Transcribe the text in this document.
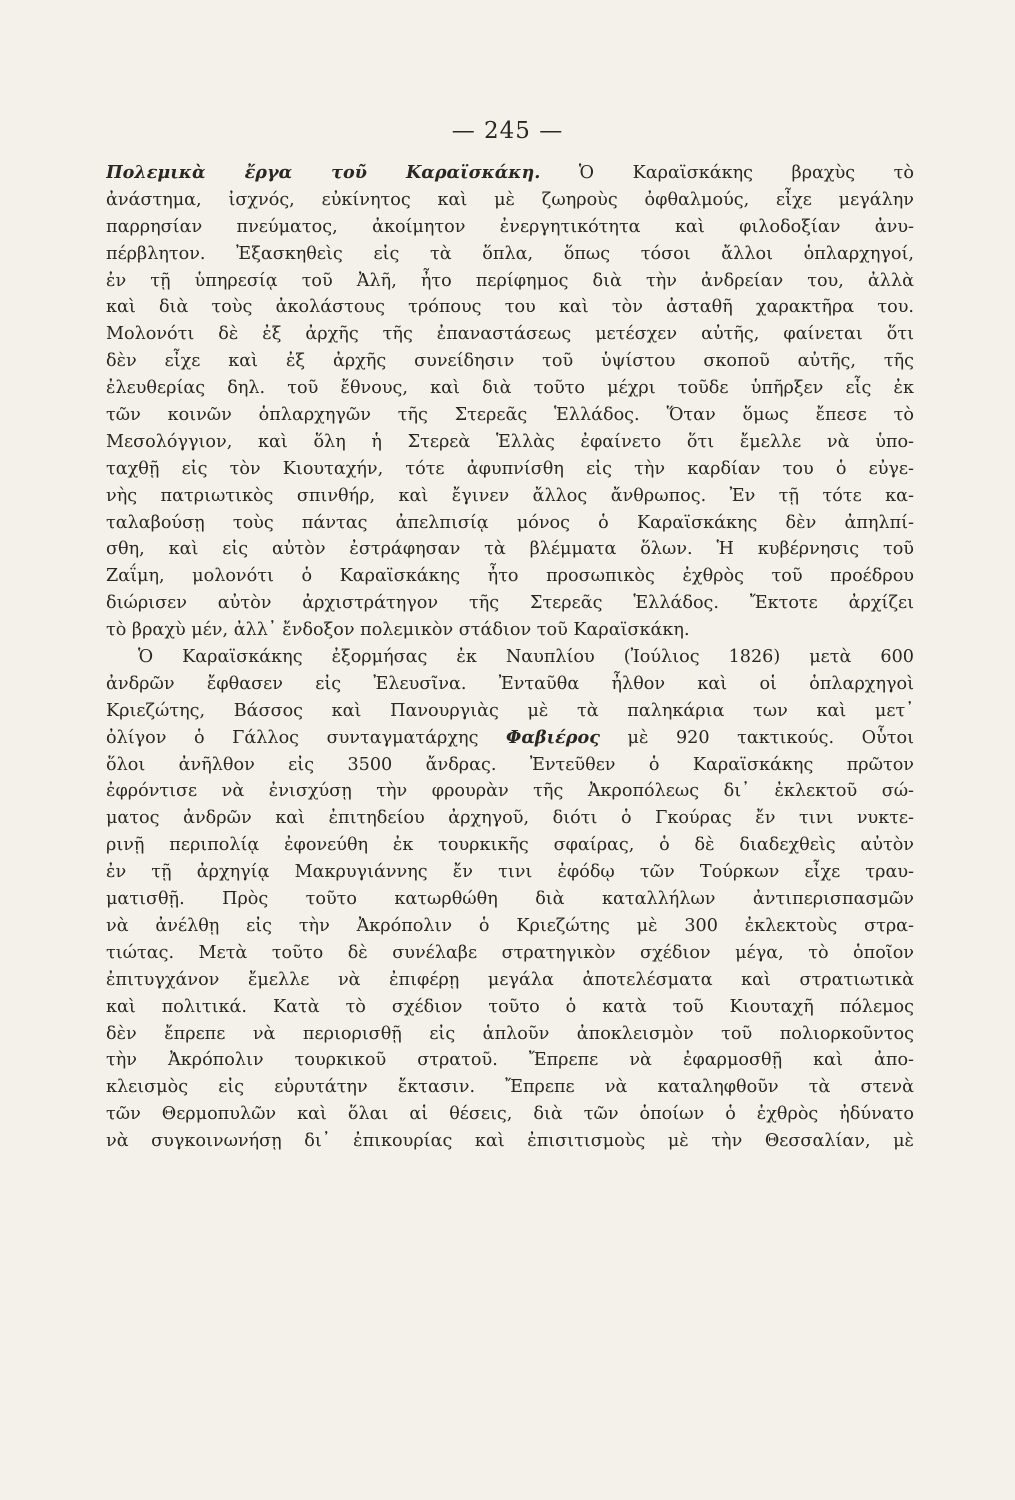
— 245 —
Πολεμικὰ ἔργα τοῦ Καραϊσκάκη. Ὁ Καραϊσκάκης βραχὺς τὸ
ἀνάστημα, ἰσχνός, εὐκίνητος καὶ μὲ ζωηροὺς ὀφθαλμούς, εἶχε μεγάλην
παρρησίαν πνεύματος, ἀκοίμητον ἐνεργητικότητα καὶ φιλοδοξίαν ἀνυ-
πέρβλητον. Ἐξασκηθεὶς εἰς τὰ ὅπλα, ὅπως τόσοι ἄλλοι ὁπλαρχηγοί,
ἐν τῇ ὑπηρεσίᾳ τοῦ Ἀλῆ, ἦτο περίφημος διὰ τὴν ἀνδρείαν του, ἀλλὰ
καὶ διὰ τοὺς ἀκολάστους τρόπους του καὶ τὸν ἀσταθῆ χαρακτῆρα του.
Μολονότι δὲ ἐξ ἀρχῆς τῆς ἐπαναστάσεως μετέσχεν αὐτῆς, φαίνεται ὅτι
δὲν εἶχε καὶ ἐξ ἀρχῆς συνείδησιν τοῦ ὑψίστου σκοποῦ αὐτῆς, τῆς
ἐλευθερίας δηλ. τοῦ ἔθνους, καὶ διὰ τοῦτο μέχρι τοῦδε ὑπῆρξεν εἷς ἐκ
τῶν κοινῶν ὁπλαρχηγῶν τῆς Στερεᾶς Ἑλλάδος. Ὅταν ὅμως ἔπεσε τὸ
Μεσολόγγιον, καὶ ὅλη ἡ Στερεὰ Ἑλλὰς ἐφαίνετο ὅτι ἔμελλε νὰ ὑπο-
ταχθῇ εἰς τὸν Κιουταχήν, τότε ἀφυπνίσθη εἰς τὴν καρδίαν του ὁ εὐγε-
νὴς πατριωτικὸς σπινθήρ, καὶ ἔγινεν ἄλλος ἄνθρωπος. Ἐν τῇ τότε κα-
ταλαβούσῃ τοὺς πάντας ἀπελπισίᾳ μόνος ὁ Καραϊσκάκης δὲν ἀπηλπί-
σθη, καὶ εἰς αὐτὸν ἐστράφησαν τὰ βλέμματα ὅλων. Ἡ κυβέρνησις τοῦ
Ζαΐμη, μολονότι ὁ Καραϊσκάκης ἦτο προσωπικὸς ἐχθρὸς τοῦ προέδρου
διώρισεν αὐτὸν ἀρχιστράτηγον τῆς Στερεᾶς Ἑλλάδος. Ἔκτοτε ἀρχίζει
τὸ βραχὺ μέν, ἀλλ᾽ ἔνδοξον πολεμικὸν στάδιον τοῦ Καραϊσκάκη.
Ὁ Καραϊσκάκης ἐξορμήσας ἐκ Ναυπλίου (Ἰούλιος 1826) μετὰ 600
ἀνδρῶν ἔφθασεν εἰς Ἐλευσῖνα. Ἐνταῦθα ἦλθον καὶ οἱ ὁπλαρχηγοὶ
Κριεζώτης, Βάσσος καὶ Πανουργιὰς μὲ τὰ παληκάρια των καὶ μετ᾽
ὀλίγον ὁ Γάλλος συνταγματάρχης Φαβιέρος μὲ 920 τακτικούς. Οὗτοι
ὅλοι ἀνῆλθον εἰς 3500 ἄνδρας. Ἐντεῦθεν ὁ Καραϊσκάκης πρῶτον
ἐφρόντισε νὰ ἐνισχύσῃ τὴν φρουρὰν τῆς Ἀκροπόλεως δι᾽ ἐκλεκτοῦ σώ-
ματος ἀνδρῶν καὶ ἐπιτηδείου ἀρχηγοῦ, διότι ὁ Γκούρας ἔν τινι νυκτε-
ρινῇ περιπολίᾳ ἐφονεύθη ἐκ τουρκικῆς σφαίρας, ὁ δὲ διαδεχθεὶς αὐτὸν
ἐν τῇ ἀρχηγίᾳ Μακρυγιάννης ἔν τινι ἐφόδῳ τῶν Τούρκων εἶχε τραυ-
ματισθῇ. Πρὸς τοῦτο κατωρθώθη διὰ καταλλήλων ἀντιπερισπασμῶν
νὰ ἀνέλθῃ εἰς τὴν Ἀκρόπολιν ὁ Κριεζώτης μὲ 300 ἐκλεκτοὺς στρα-
τιώτας. Μετὰ τοῦτο δὲ συνέλαβε στρατηγικὸν σχέδιον μέγα, τὸ ὁποῖον
ἐπιτυγχάνον ἔμελλε νὰ ἐπιφέρῃ μεγάλα ἀποτελέσματα καὶ στρατιωτικὰ
καὶ πολιτικά. Κατὰ τὸ σχέδιον τοῦτο ὁ κατὰ τοῦ Κιουταχῆ πόλεμος
δὲν ἔπρεπε νὰ περιορισθῇ εἰς ἁπλοῦν ἀποκλεισμὸν τοῦ πολιορκοῦντος
τὴν Ἀκρόπολιν τουρκικοῦ στρατοῦ. Ἔπρεπε νὰ ἐφαρμοσθῇ καὶ ἀπο-
κλεισμὸς εἰς εὐρυτάτην ἔκτασιν. Ἔπρεπε νὰ καταληφθοῦν τὰ στενὰ
τῶν Θερμοπυλῶν καὶ ὅλαι αἱ θέσεις, διὰ τῶν ὁποίων ὁ ἐχθρὸς ἠδύνατο
νὰ συγκοινωνήσῃ δι᾽ ἐπικουρίας καὶ ἐπισιτισμοὺς μὲ τὴν Θεσσαλίαν, μὲ
